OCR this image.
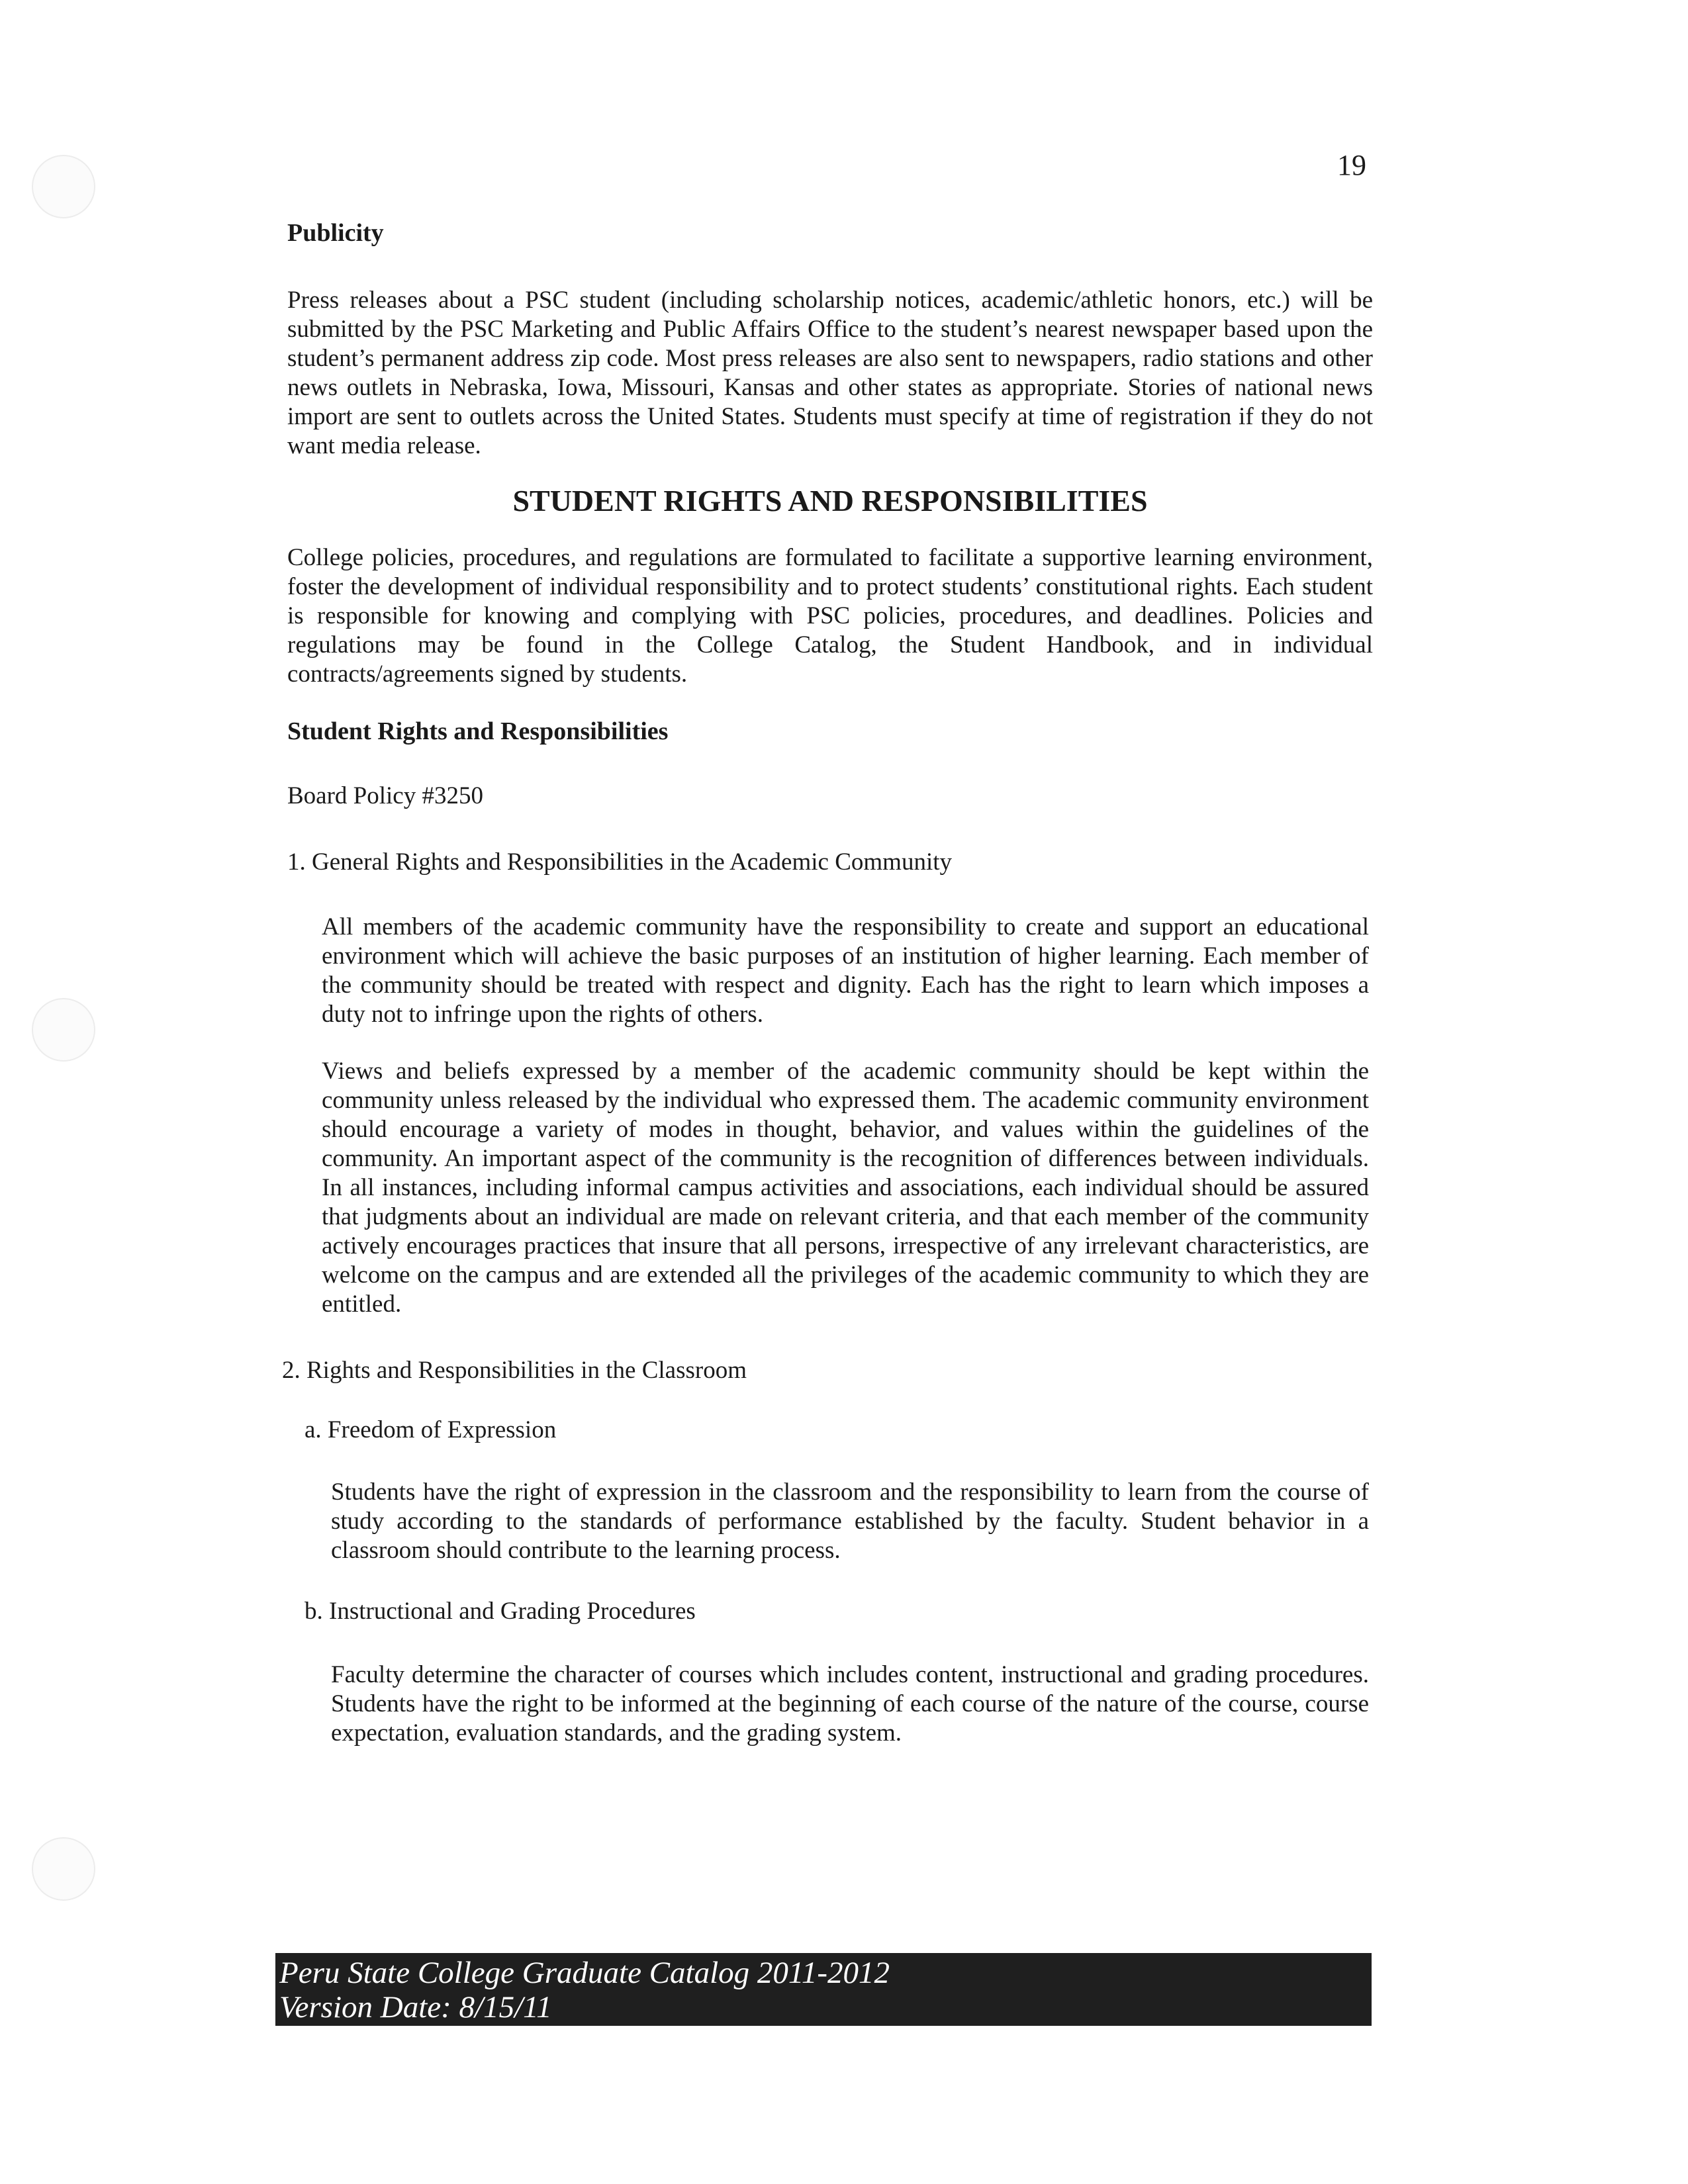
19
Publicity

Press releases about a PSC student (including scholarship notices, academic/athletic honors, etc.) will be submitted by the PSC Marketing and Public Affairs Office to the student’s nearest newspaper based upon the student’s permanent address zip code. Most press releases are also sent to newspapers, radio stations and other news outlets in Nebraska, Iowa, Missouri, Kansas and other states as appropriate. Stories of national news import are sent to outlets across the United States. Students must specify at time of registration if they do not want media release.

STUDENT RIGHTS AND RESPONSIBILITIES

College policies, procedures, and regulations are formulated to facilitate a supportive learning environment, foster the development of individual responsibility and to protect students’ constitutional rights. Each student is responsible for knowing and complying with PSC policies, procedures, and deadlines. Policies and regulations may be found in the College Catalog, the Student Handbook, and in individual contracts/agreements signed by students.

Student Rights and Responsibilities

Board Policy #3250

1. General Rights and Responsibilities in the Academic Community

All members of the academic community have the responsibility to create and support an educational environment which will achieve the basic purposes of an institution of higher learning. Each member of the community should be treated with respect and dignity. Each has the right to learn which imposes a duty not to infringe upon the rights of others.

Views and beliefs expressed by a member of the academic community should be kept within the community unless released by the individual who expressed them. The academic community environment should encourage a variety of modes in thought, behavior, and values within the guidelines of the community. An important aspect of the community is the recognition of differences between individuals. In all instances, including informal campus activities and associations, each individual should be assured that judgments about an individual are made on relevant criteria, and that each member of the community actively encourages practices that insure that all persons, irrespective of any irrelevant characteristics, are welcome on the campus and are extended all the privileges of the academic community to which they are entitled.

2. Rights and Responsibilities in the Classroom

a. Freedom of Expression

Students have the right of expression in the classroom and the responsibility to learn from the course of study according to the standards of performance established by the faculty. Student behavior in a classroom should contribute to the learning process.

b. Instructional and Grading Procedures

Faculty determine the character of courses which includes content, instructional and grading procedures. Students have the right to be informed at the beginning of each course of the nature of the course, course expectation, evaluation standards, and the grading system.

Peru State College Graduate Catalog 2011-2012
Version Date: 8/15/11
